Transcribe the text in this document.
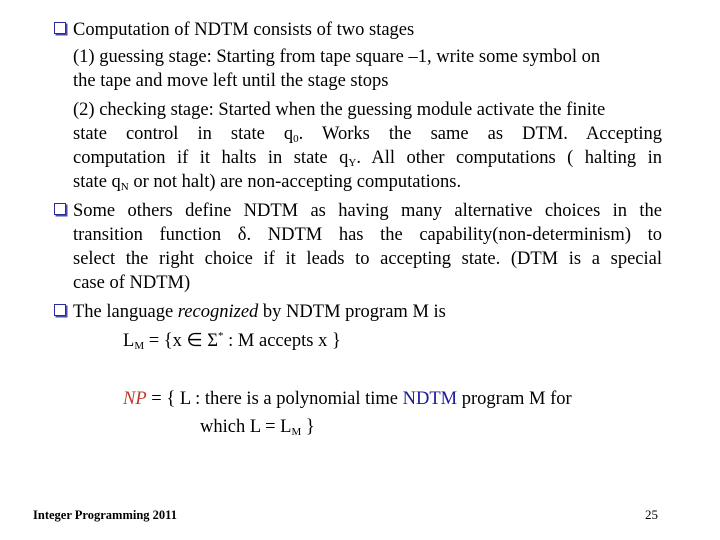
Computation of NDTM consists of two stages
(1) guessing stage: Starting from tape square –1, write some symbol on
the tape and move left until the stage stops
(2) checking stage: Started when the guessing module activate the finite
state control in state $q_0$. Works the same as DTM. Accepting
computation if it halts in state $q_Y$. All other computations ( halting in
state $q_N$ or not halt) are non-accepting computations.
Some others define NDTM as having many alternative choices in the
transition function δ. NDTM has the capability(non-determinism) to
select the right choice if it leads to accepting state. (DTM is a special
case of NDTM)
The language recognized by NDTM program M is
$L_M = \{x$ ∈ Σ* : M accepts x }
NP = { L : there is a polynomial time NDTM program M for
which $L = L_M$ }
Integer Programming 2011	25
